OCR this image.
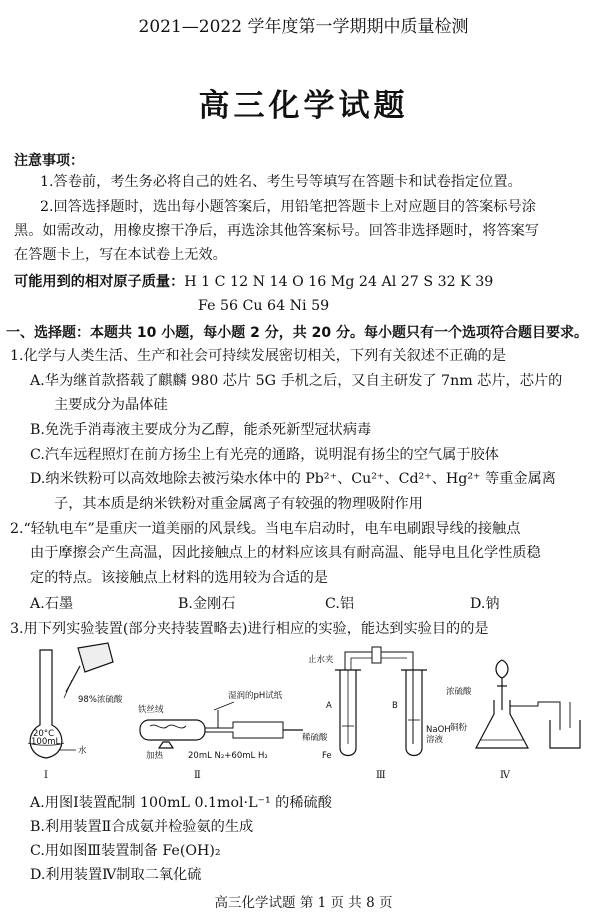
2021—2022 学年度第一学期期中质量检测
高三化学试题
注意事项：
1.答卷前，考生务必将自己的姓名、考生号等填写在答题卡和试卷指定位置。
2.回答选择题时，选出每小题答案后，用铅笔把答题卡上对应题目的答案标号涂
黑。如需改动，用橡皮擦干净后，再选涂其他答案标号。回答非选择题时，将答案写
在答题卡上，写在本试卷上无效。
可能用到的相对原子质量：H 1 C 12 N 14 O 16 Mg 24 Al 27 S 32 K 39
Fe 56 Cu 64 Ni 59
一、选择题：本题共 10 小题，每小题 2 分，共 20 分。每小题只有一个选项符合题目要求。
1.化学与人类生活、生产和社会可持续发展密切相关，下列有关叙述不正确的是
A.华为继首款搭载了麒麟 980 芯片 5G 手机之后，又自主研发了 7nm 芯片，芯片的
主要成分为晶体硅
B.免洗手消毒液主要成分为乙醇，能杀死新型冠状病毒
C.汽车远程照灯在前方扬尘上有光亮的通路，说明混有扬尘的空气属于胶体
D.纳米铁粉可以高效地除去被污染水体中的 Pb²⁺、Cu²⁺、Cd²⁺、Hg²⁺ 等重金属离
子，其本质是纳米铁粉对重金属离子有较强的物理吸附作用
2.“轻轨电车”是重庆一道美丽的风景线。当电车启动时，电车电刷跟导线的接触点
由于摩擦会产生高温，因此接触点上的材料应该具有耐高温、能导电且化学性质稳
定的特点。该接触点上材料的选用较为合适的是
A.石墨	B.金刚石	C.铝	D.钠
3.用下列实验装置(部分夹持装置略去)进行相应的实验，能达到实验目的的是
98%浓硫酸
20°C
100mL
水
Ⅰ
铁丝绒
湿润的pH试纸
加热	20mL N₂+60mL H₂
Ⅱ
止水夹
A	B
稀硫酸
Fe
NaOH
溶液
Ⅲ
浓硫酸
铜粉
Ⅳ
A.用图Ⅰ装置配制 100mL 0.1mol·L⁻¹ 的稀硫酸
B.利用装置Ⅱ合成氨并检验氨的生成
C.用如图Ⅲ装置制备 Fe(OH)₂
D.利用装置Ⅳ制取二氧化硫
高三化学试题 第 1 页 共 8 页
